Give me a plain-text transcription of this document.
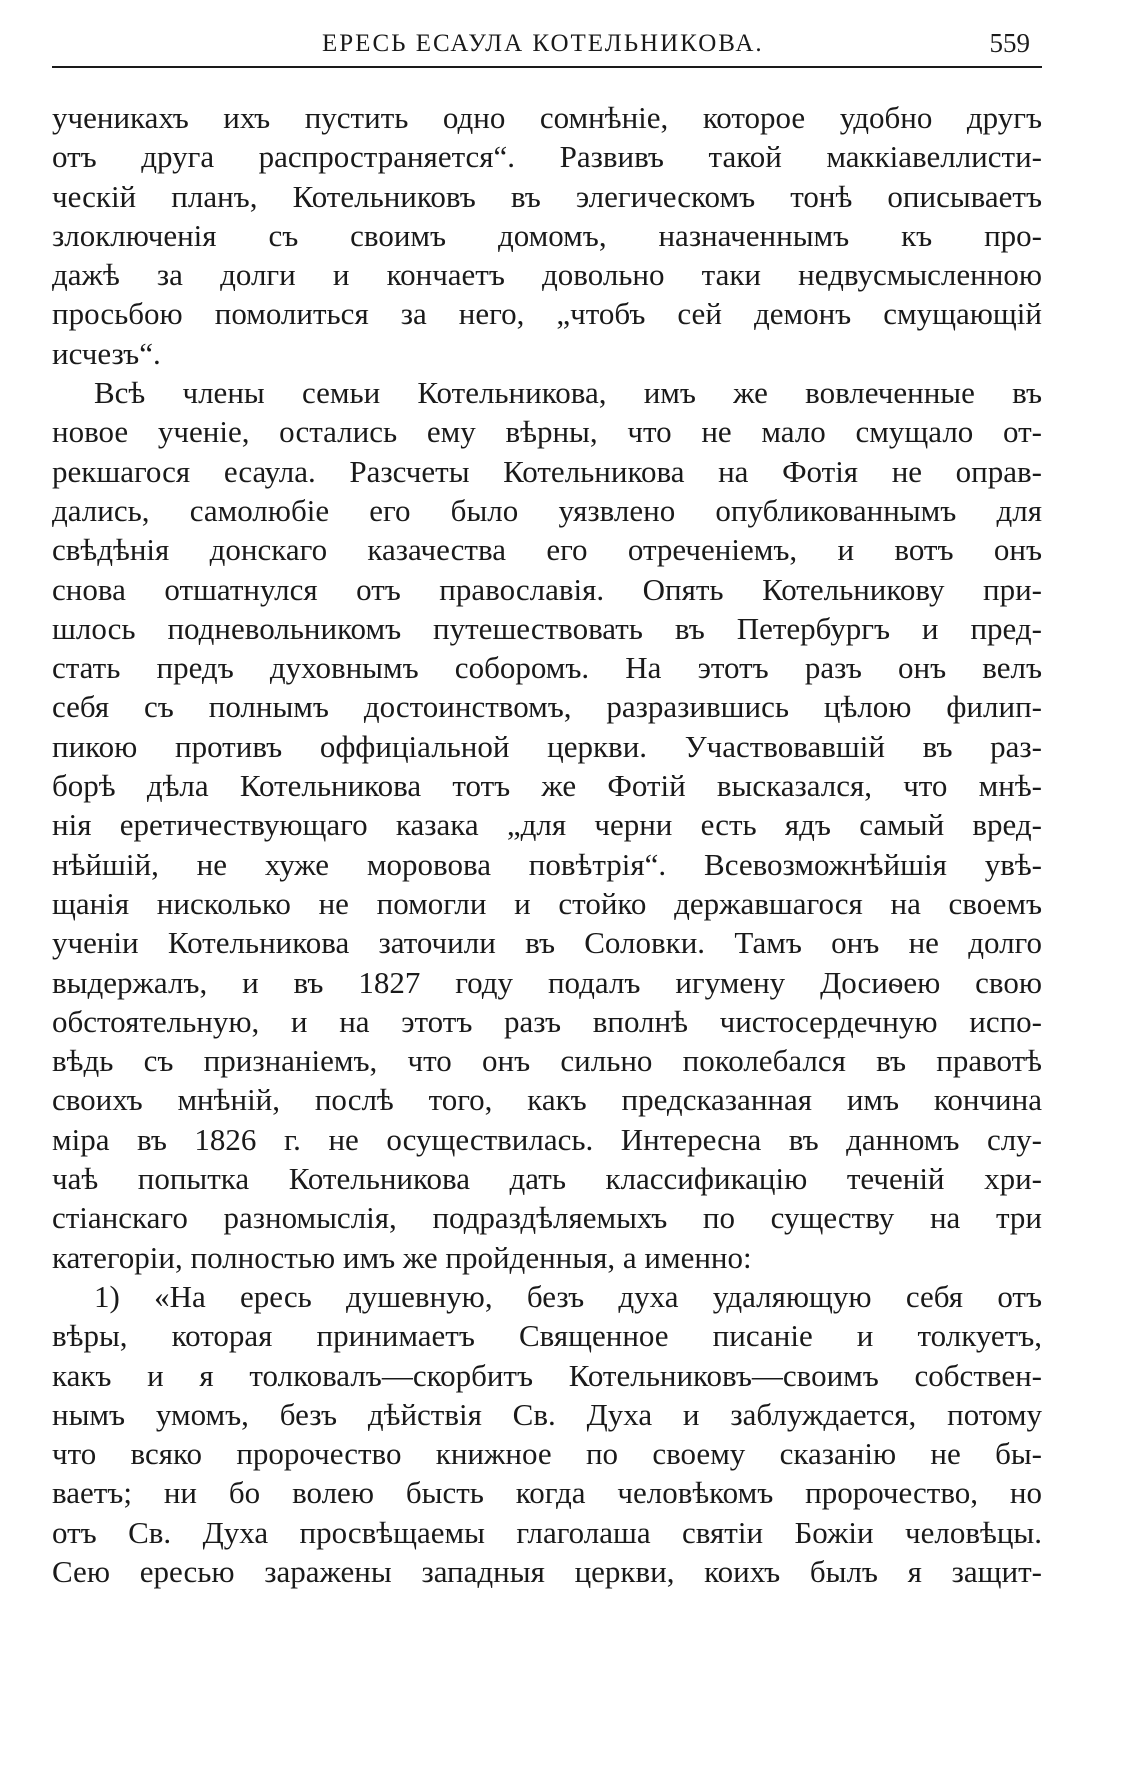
ЕРЕСЬ ЕСАУЛА КОТЕЛЬНИКОВА.	559
ученикахъ ихъ пустить одно сомнѣніе, которое удобно другъ
отъ друга распространяется“. Развивъ такой маккіавеллисти-
ческій планъ, Котельниковъ въ элегическомъ тонѣ описываетъ
злоключенія съ своимъ домомъ, назначеннымъ къ про-
дажѣ за долги и кончаетъ довольно таки недвусмысленною
просьбою помолиться за него, „чтобъ сей демонъ смущающій
исчезъ“.
Всѣ члены семьи Котельникова, имъ же вовлеченные въ
новое ученіе, остались ему вѣрны, что не мало смущало от-
рекшагося есаула. Разсчеты Котельникова на Фотія не оправ-
дались, самолюбіе его было уязвлено опубликованнымъ для
свѣдѣнія донскаго казачества его отреченіемъ, и вотъ онъ
снова отшатнулся отъ православія. Опять Котельникову при-
шлось подневольникомъ путешествовать въ Петербургъ и пред-
стать предъ духовнымъ соборомъ. На этотъ разъ онъ велъ
себя съ полнымъ достоинствомъ, разразившись цѣлою филип-
пикою противъ оффиціальной церкви. Участвовавшій въ раз-
борѣ дѣла Котельникова тотъ же Фотій высказался, что мнѣ-
нія еретичествующаго казака „для черни есть ядъ самый вред-
нѣйшій, не хуже моровова повѣтрія“. Всевозможнѣйшія увѣ-
щанія нисколько не помогли и стойко державшагося на своемъ
ученіи Котельникова заточили въ Соловки. Тамъ онъ не долго
выдержалъ, и въ 1827 году подалъ игумену Досиѳею свою
обстоятельную, и на этотъ разъ вполнѣ чистосердечную испо-
вѣдь съ признаніемъ, что онъ сильно поколебался въ правотѣ
своихъ мнѣній, послѣ того, какъ предсказанная имъ кончина
міра въ 1826 г. не осуществилась. Интересна въ данномъ слу-
чаѣ попытка Котельникова дать классификацію теченій хри-
стіанскаго разномыслія, подраздѣляемыхъ по существу на три
категоріи, полностью имъ же пройденныя, а именно:
1) «На ересь душевную, безъ духа удаляющую себя отъ
вѣры, которая принимаетъ Священное писаніе и толкуетъ,
какъ и я толковалъ—скорбитъ Котельниковъ—своимъ собствен-
нымъ умомъ, безъ дѣйствія Св. Духа и заблуждается, потому
что всяко пророчество книжное по своему сказанію не бы-
ваетъ; ни бо волею бысть когда человѣкомъ пророчество, но
отъ Св. Духа просвѣщаемы глаголаша святіи Божіи человѣцы.
Сею ересью заражены западныя церкви, коихъ былъ я защит-
